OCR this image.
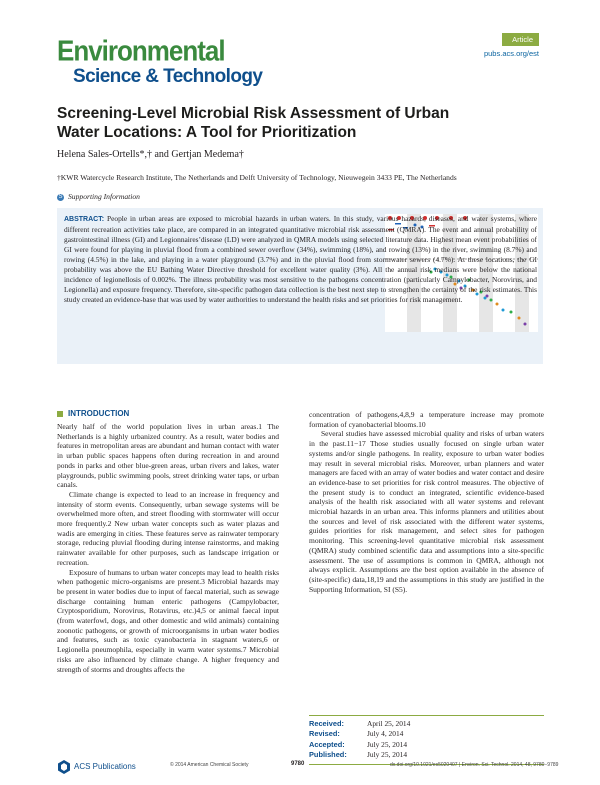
Environmental
Science & Technology
Article
pubs.acs.org/est
Screening-Level Microbial Risk Assessment of Urban Water Locations: A Tool for Prioritization
Helena Sales-Ortells*,† and Gertjan Medema†
†KWR Watercycle Research Institute, The Netherlands and Delft University of Technology, Nieuwegein 3433 PE, The Netherlands
S Supporting Information

ABSTRACT: People in urban areas are exposed to microbial hazards in urban waters. In this study, various hazards, diseases, and water systems, where different recreation activities take place, are compared in an integrated quantitative microbial risk assessment (QMRA). The event and annual probability of gastrointestinal illness (GI) and Legionnaires’disease (LD) were analyzed in QMRA models using selected literature data. Highest mean event probabilities of GI were found for playing in pluvial flood from a combined sewer overflow (34%), swimming (18%), and rowing (13%) in the river, swimming (8.7%) and rowing (4.5%) in the lake, and playing in a water playground (3.7%) and in the pluvial flood from stormwater sewers (4.7%). At these locations, the GI probability was above the EU Bathing Water Directive threshold for excellent water quality (3%). All the annual risk medians were below the national incidence of legionellosis of 0.002%. The illness probability was most sensitive to the pathogens concentration (particularly Campylobacter, Norovirus, and Legionella) and exposure frequency. Therefore, site-specific pathogen data collection is the best next step to strengthen the certainty of the risk estimates. This study created an evidence-base that was used by water authorities to understand the health risks and set priorities for risk management.

INTRODUCTION

Nearly half of the world population lives in urban areas.1 The Netherlands is a highly urbanized country. As a result, water bodies and features in metropolitan areas are abundant and human contact with water in urban public spaces happens often during recreation in and around ponds in parks and other blue-green areas, urban rivers and lakes, water playgrounds, public swimming pools, street drinking water taps, or urban canals.

Climate change is expected to lead to an increase in frequency and intensity of storm events. Consequently, urban sewage systems will be overwhelmed more often, and street flooding with stormwater will occur more frequently.2 New urban water concepts such as water plazas and wadis are emerging in cities. These features serve as rainwater temporary storage, reducing pluvial flooding during intense rainstorms, and making rainwater available for other purposes, such as landscape irrigation or recreation.

Exposure of humans to urban water concepts may lead to health risks when pathogenic micro-organisms are present.3 Microbial hazards may be present in water bodies due to input of faecal material, such as sewage discharge containing human enteric pathogens (Campylobacter, Cryptosporidium, Norovirus, Rotavirus, etc.)4,5 or animal faecal input (from waterfowl, dogs, and other domestic and wild animals) containing zoonotic pathogens, or growth of microorganisms in urban water bodies and features, such as toxic cyanobacteria in stagnant waters,6 or Legionella pneumophila, especially in warm water systems.7 Microbial risks are also influenced by climate change. A higher frequency and strength of storms and droughts affects the

concentration of pathogens,4,8,9 a temperature increase may promote formation of cyanobacterial blooms.10

Several studies have assessed microbial quality and risks of urban waters in the past.11−17 Those studies usually focused on single urban water systems and/or single pathogens. In reality, exposure to urban water bodies may result in several microbial risks. Moreover, urban planners and water managers are faced with an array of water bodies and water contact and desire an evidence-base to set priorities for risk control measures. The objective of the present study is to conduct an integrated, scientific evidence-based analysis of the health risk associated with all water systems and relevant microbial hazards in an urban area. This informs planners and utilities about the sources and level of risk associated with the different water systems, guides priorities for risk management, and select sites for pathogen monitoring. This screening-level quantitative microbial risk assessment (QMRA) study combined scientific data and assumptions into a site-specific assessment. The use of assumptions is common in QMRA, although not always explicit. Assumptions are the best option available in the absence of (site-specific) data,18,19 and the assumptions in this study are justified in the Supporting Information, SI (S5).

Received:	April 25, 2014
Revised:	July 4, 2014
Accepted:	July 25, 2014
Published:	July 25, 2014
ACS Publications	© 2014 American Chemical Society	9780	dx.doi.org/10.1021/es5020407 | Environ. Sci. Technol. 2014, 48, 9780−9789
